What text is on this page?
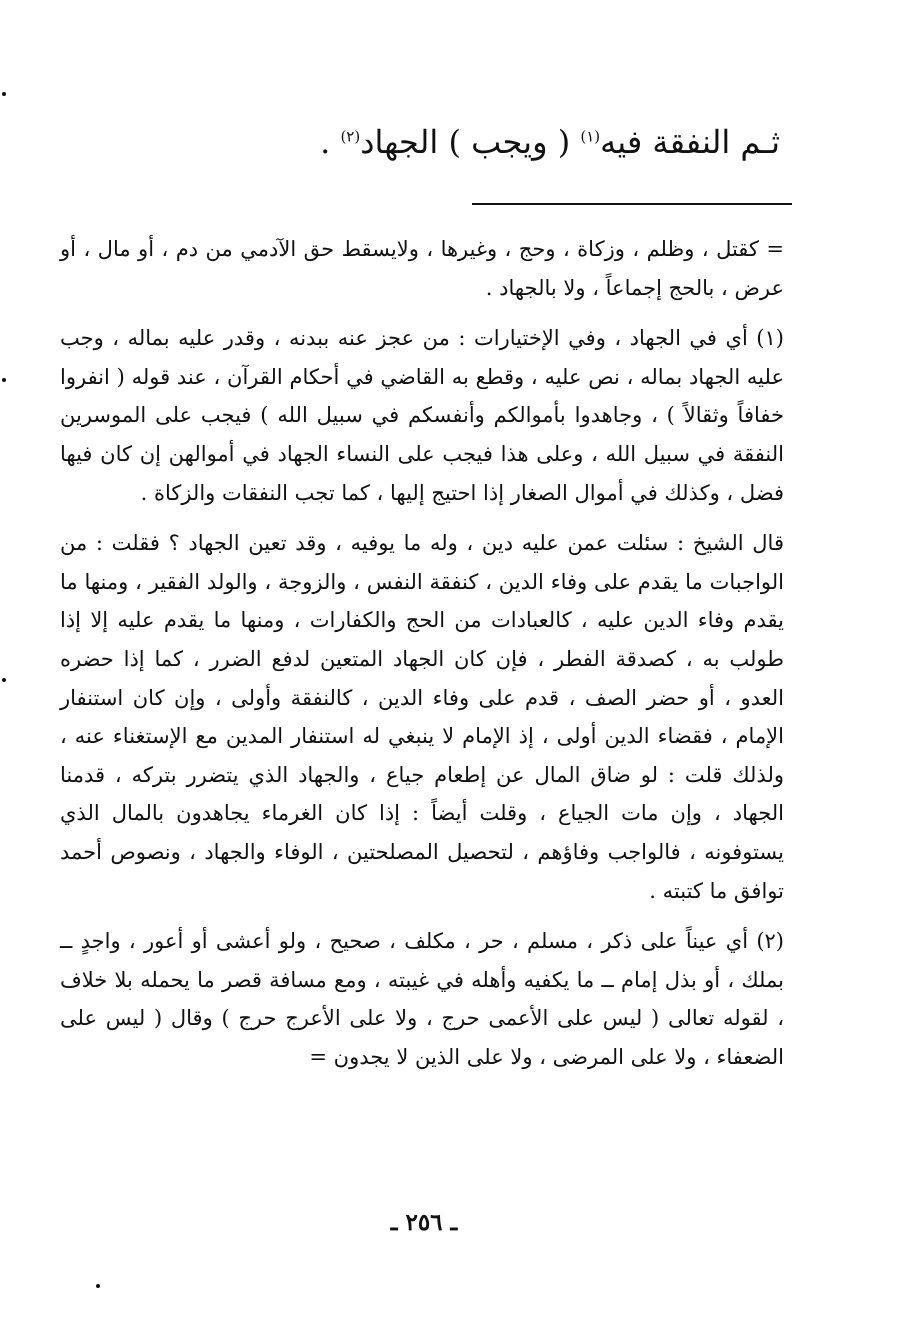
ثـم النفقة فيه$^{(١)}$ ( ويجب ) الجهاد$^{(٢)}$ .

= كقتل ، وظلم ، وزكاة ، وحج ، وغيرها ، ولايسقط حق الآدمي من دم ، أو مال ، أو عرض ، بالحج إجماعاً ، ولا بالجهاد .

(١) أي في الجهاد ، وفي الإختيارات : من عجز عنه ببدنه ، وقدر عليه بماله ، وجب عليه الجهاد بماله ، نص عليه ، وقطع به القاضي في أحكام القرآن ، عند قوله ( انفروا خفافاً وثقالاً ) ، وجاهدوا بأموالكم وأنفسكم في سبيل الله ) فيجب على الموسرين النفقة في سبيل الله ، وعلى هذا فيجب على النساء الجهاد في أموالهن إن كان فيها فضل ، وكذلك في أموال الصغار إذا احتيج إليها ، كما تجب النفقات والزكاة .

قال الشيخ : سئلت عمن عليه دين ، وله ما يوفيه ، وقد تعين الجهاد ؟ فقلت : من الواجبات ما يقدم على وفاء الدين ، كنفقة النفس ، والزوجة ، والولد الفقير ، ومنها ما يقدم وفاء الدين عليه ، كالعبادات من الحج والكفارات ، ومنها ما يقدم عليه إلا إذا طولب به ، كصدقة الفطر ، فإن كان الجهاد المتعين لدفع الضرر ، كما إذا حضره العدو ، أو حضر الصف ، قدم على وفاء الدين ، كالنفقة وأولى ، وإن كان استنفار الإمام ، فقضاء الدين أولى ، إذ الإمام لا ينبغي له استنفار المدين مع الإستغناء عنه ، ولذلك قلت : لو ضاق المال عن إطعام جياع ، والجهاد الذي يتضرر بتركه ، قدمنا الجهاد ، وإن مات الجياع ، وقلت أيضاً : إذا كان الغرماء يجاهدون بالمال الذي يستوفونه ، فالواجب وفاؤهم ، لتحصيل المصلحتين ، الوفاء والجهاد ، ونصوص أحمد توافق ما كتبته .

(٢) أي عيناً على ذكر ، مسلم ، حر ، مكلف ، صحيح ، ولو أعشى أو أعور ، واجدٍ ــ بملك ، أو بذل إمام ــ ما يكفيه وأهله في غيبته ، ومع مسافة قصر ما يحمله بلا خلاف ، لقوله تعالى ( ليس على الأعمى حرج ، ولا على الأعرج حرج ) وقال ( ليس على الضعفاء ، ولا على المرضى ، ولا على الذين لا يجدون =

ـ ٢٥٦ ـ
